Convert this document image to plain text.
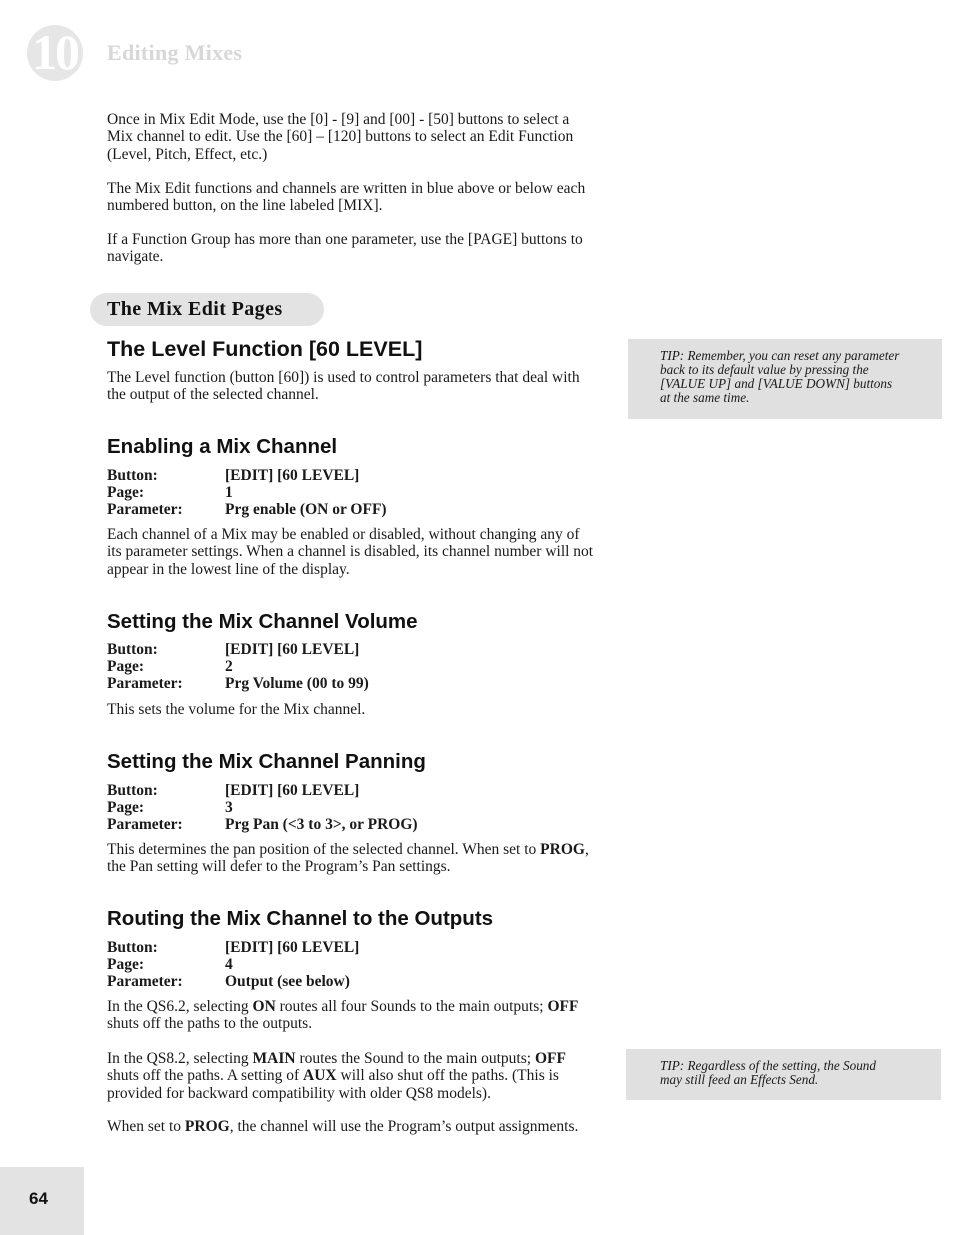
10 Editing Mixes

Once in Mix Edit Mode, use the [0] - [9] and [00] - [50] buttons to select a Mix channel to edit. Use the [60] – [120] buttons to select an Edit Function (Level, Pitch, Effect, etc.)

The Mix Edit functions and channels are written in blue above or below each numbered button, on the line labeled [MIX].

If a Function Group has more than one parameter, use the [PAGE] buttons to navigate.

The Mix Edit Pages
The Level Function [60 LEVEL]

The Level function (button [60]) is used to control parameters that deal with the output of the selected channel.

TIP: Remember, you can reset any parameter back to its default value by pressing the [VALUE UP] and [VALUE DOWN] buttons at the same time.
Enabling a Mix Channel
Button:	[EDIT] [60 LEVEL]
Page:	1
Parameter:	Prg enable (ON or OFF)

Each channel of a Mix may be enabled or disabled, without changing any of its parameter settings. When a channel is disabled, its channel number will not appear in the lowest line of the display.

Setting the Mix Channel Volume
Button:	[EDIT] [60 LEVEL]
Page:	2
Parameter:	Prg Volume (00 to 99)

This sets the volume for the Mix channel.

Setting the Mix Channel Panning
Button:	[EDIT] [60 LEVEL]
Page:	3
Parameter:	Prg Pan (<3 to 3>, or PROG)

This determines the pan position of the selected channel. When set to PROG, the Pan setting will defer to the Program’s Pan settings.

Routing the Mix Channel to the Outputs
Button:	[EDIT] [60 LEVEL]
Page:	4
Parameter:	Output (see below)

In the QS6.2, selecting ON routes all four Sounds to the main outputs; OFF shuts off the paths to the outputs.

In the QS8.2, selecting MAIN routes the Sound to the main outputs; OFF shuts off the paths. A setting of AUX will also shut off the paths. (This is provided for backward compatibility with older QS8 models).

When set to PROG, the channel will use the Program’s output assignments.

TIP: Regardless of the setting, the Sound may still feed an Effects Send.
64
